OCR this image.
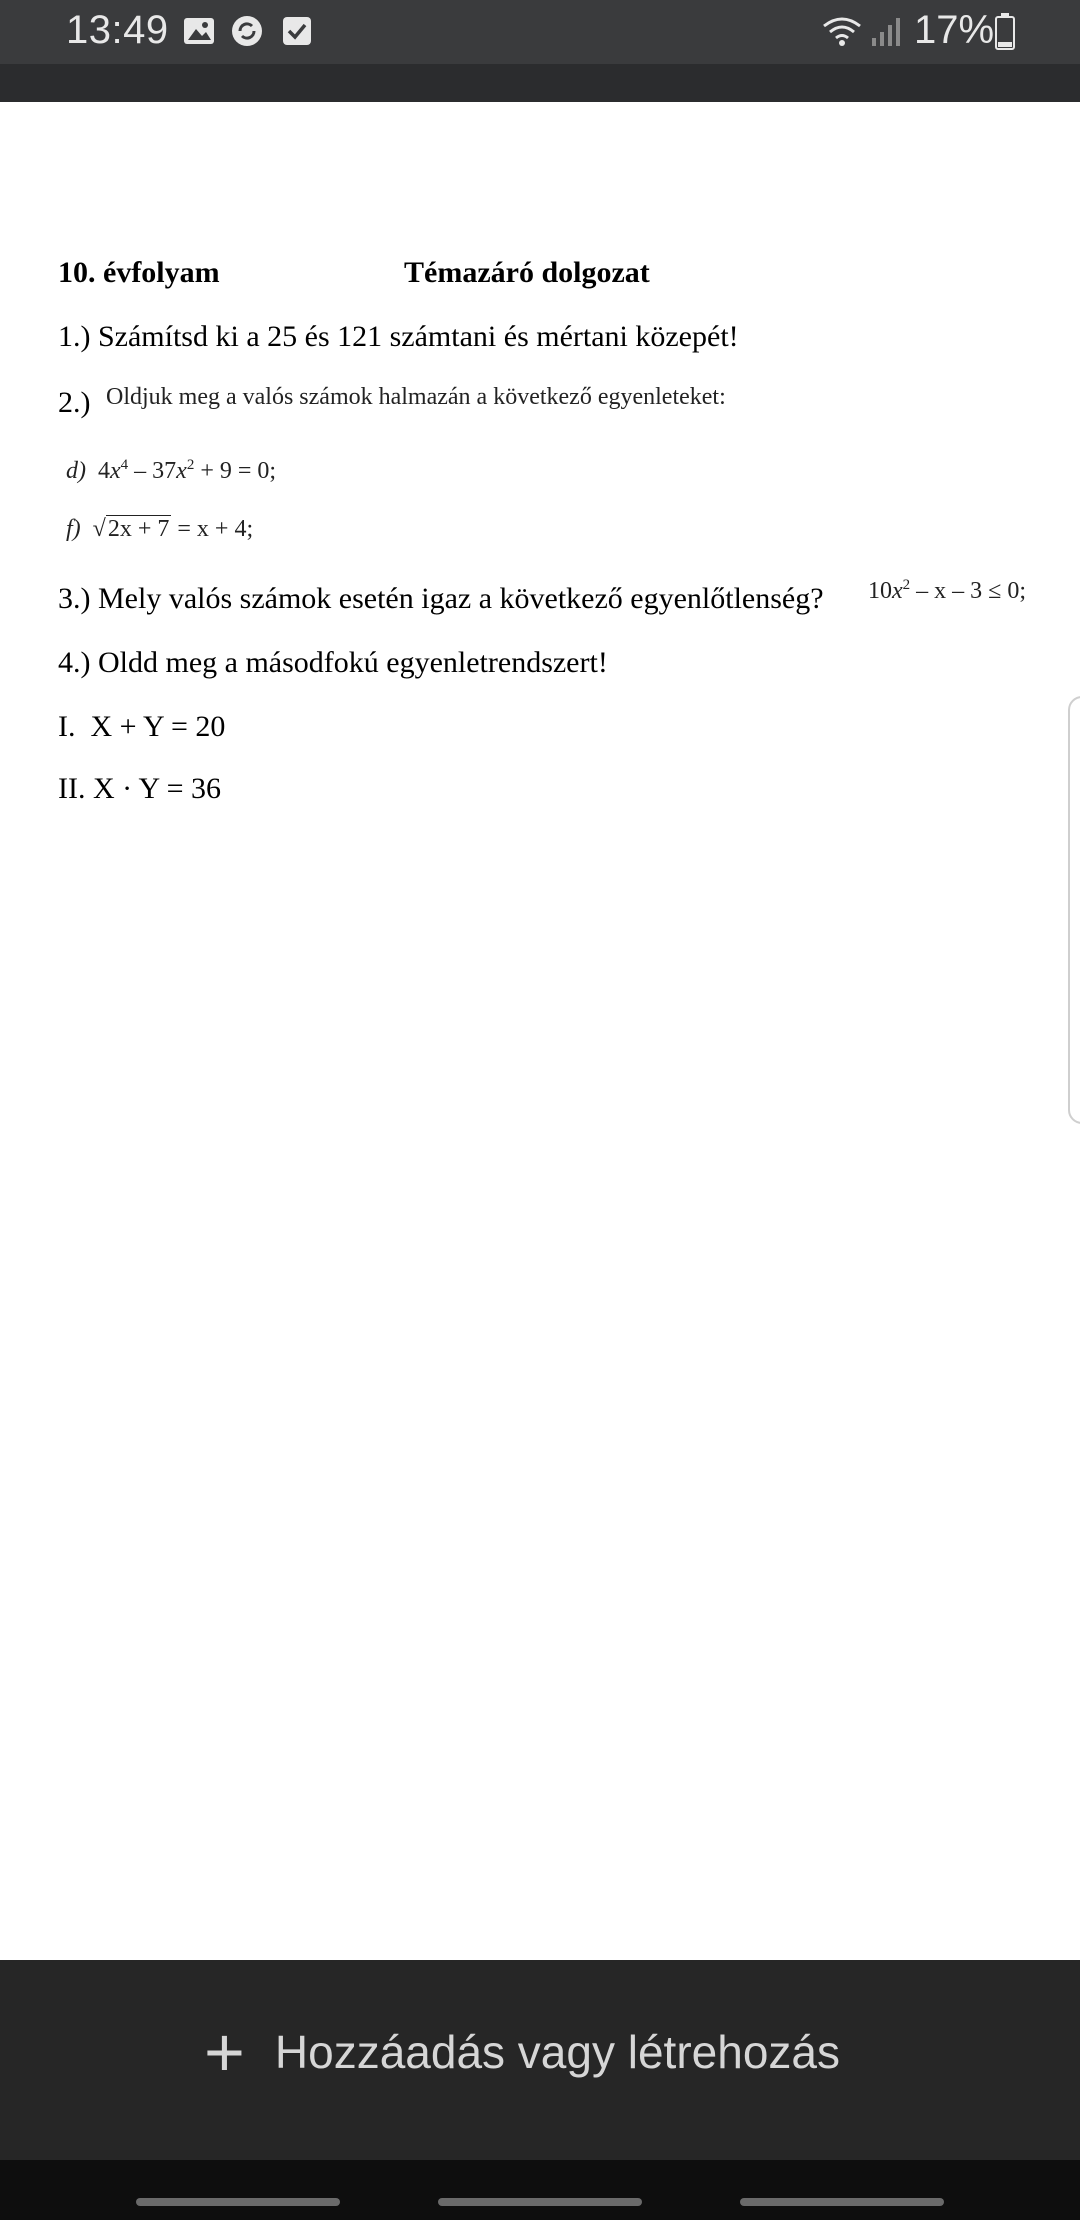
13:49	17%
10. évfolyam	Témazáró dolgozat
1.) Számítsd ki a 25 és 121 számtani és mértani közepét!
2.) Oldjuk meg a valós számok halmazán a következő egyenleteket:
d) $4x^4 - 37x^2 + 9 = 0$;
f) √2x + 7 = x + 4;
3.) Mely valós számok esetén igaz a következő egyenlőtlenség? $10x^2 - x - 3 \le 0$;
4.) Oldd meg a másodfokú egyenletrendszert!
I.  X + Y = 20
II. X · Y = 36
+ Hozzáadás vagy létrehozás
